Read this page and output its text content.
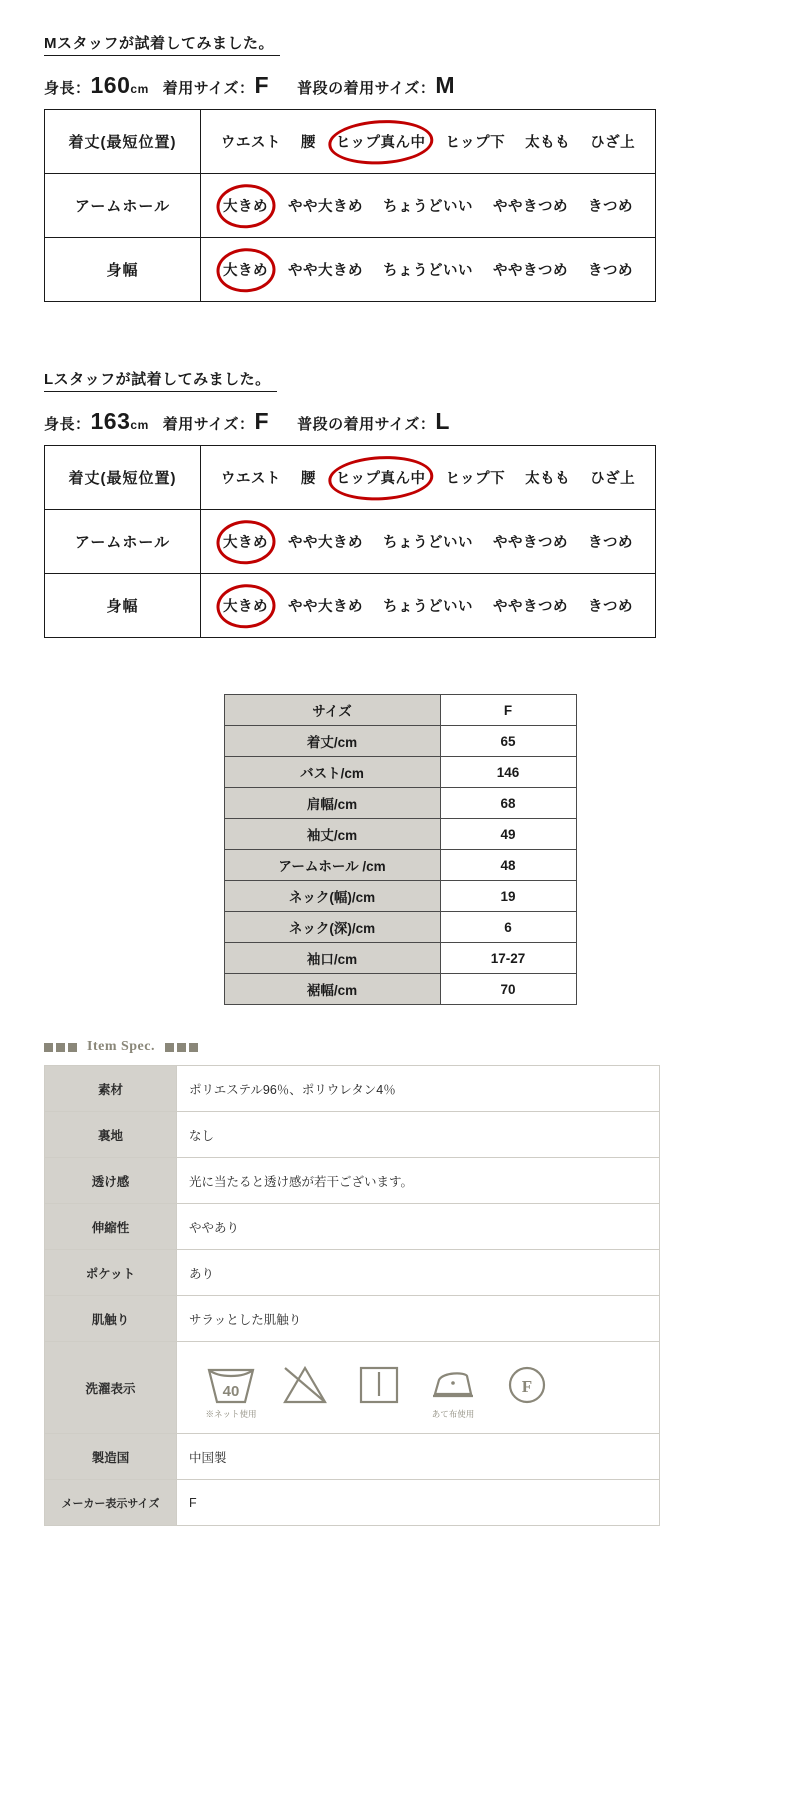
Mスタッフが試着してみました。
身長：160cm 着用サイズ：F 普段の着用サイズ：M
着丈(最短位置)	ウエスト 腰 ヒップ真ん中 ヒップ下 太もも ひざ上

アームホール	大きめ やや大きめ ちょうどいい ややきつめ きつめ

身幅	大きめ やや大きめ ちょうどいい ややきつめ きつめ
Lスタッフが試着してみました。
身長：163cm 着用サイズ：F 普段の着用サイズ：L
着丈(最短位置)	ウエスト 腰 ヒップ真ん中 ヒップ下 太もも ひざ上

アームホール	大きめ やや大きめ ちょうどいい ややきつめ きつめ

身幅	大きめ やや大きめ ちょうどいい ややきつめ きつめ
サイズ	F
着丈/cm	65
バスト/cm	146
肩幅/cm	68
袖丈/cm	49
アームホール /cm	48
ネック(幅)/cm	19
ネック(深)/cm	6
袖口/cm	17-27
裾幅/cm	70
Item Spec.
素材	ポリエステル96％、ポリウレタン4％
裏地	なし
透け感	光に当たると透け感が若干ございます。
伸縮性	ややあり
ポケット	あり
肌触り	サラッとした肌触り
洗濯表示	40
※ネット使用 あて布使用
F

製造国	中国製
メーカー表示サイズ	F
